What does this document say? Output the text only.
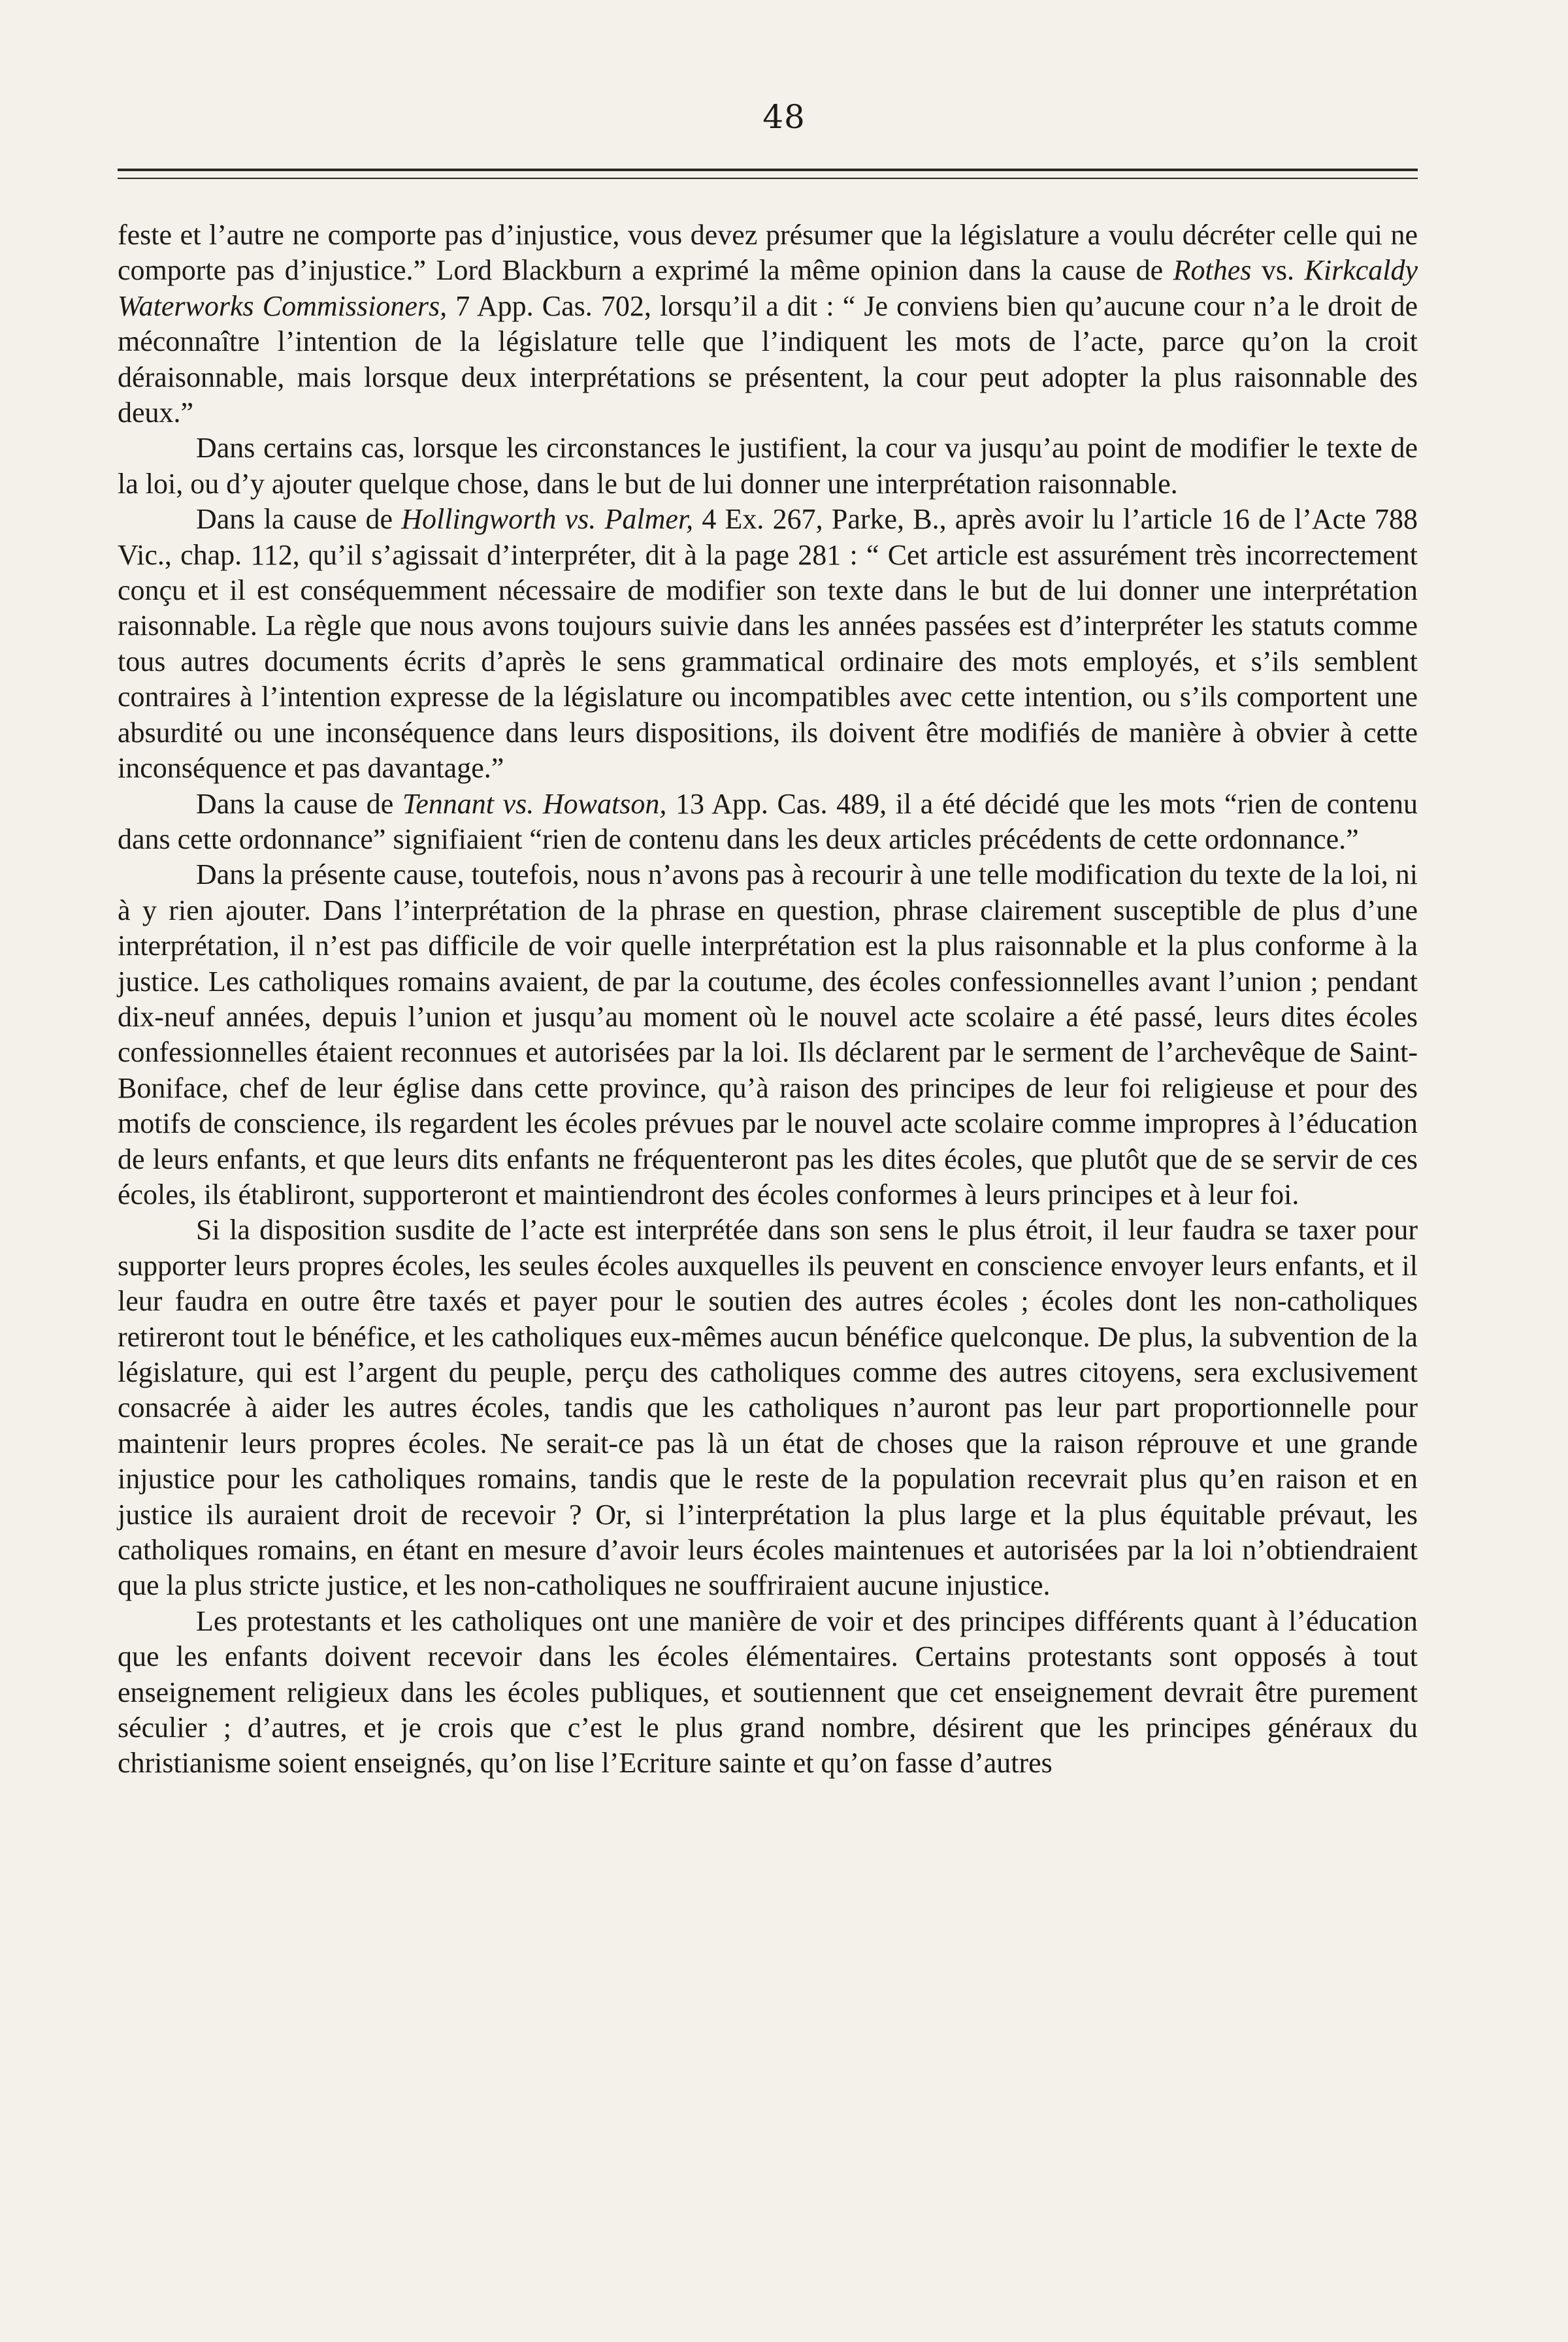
48

feste et l’autre ne comporte pas d’injustice, vous devez présumer que la législature a voulu décréter celle qui ne comporte pas d’injustice.” Lord Blackburn a exprimé la même opinion dans la cause de Rothes vs. Kirkcaldy Waterworks Commissioners, 7 App. Cas. 702, lorsqu’il a dit : “ Je conviens bien qu’aucune cour n’a le droit de méconnaître l’intention de la législature telle que l’indiquent les mots de l’acte, parce qu’on la croit déraisonnable, mais lorsque deux interprétations se présentent, la cour peut adopter la plus raisonnable des deux.”

Dans certains cas, lorsque les circonstances le justifient, la cour va jusqu’au point de modifier le texte de la loi, ou d’y ajouter quelque chose, dans le but de lui donner une interprétation raisonnable.

Dans la cause de Hollingworth vs. Palmer, 4 Ex. 267, Parke, B., après avoir lu l’article 16 de l’Acte 788 Vic., chap. 112, qu’il s’agissait d’interpréter, dit à la page 281 : “ Cet article est assurément très incorrectement conçu et il est conséquemment nécessaire de modifier son texte dans le but de lui donner une interprétation raisonnable. La règle que nous avons toujours suivie dans les années passées est d’interpréter les statuts comme tous autres documents écrits d’après le sens grammatical ordinaire des mots employés, et s’ils semblent contraires à l’intention expresse de la législature ou incompatibles avec cette intention, ou s’ils comportent une absurdité ou une inconséquence dans leurs dispositions, ils doivent être modifiés de manière à obvier à cette inconséquence et pas davantage.”

Dans la cause de Tennant vs. Howatson, 13 App. Cas. 489, il a été décidé que les mots “rien de contenu dans cette ordonnance” signifiaient “rien de contenu dans les deux articles précédents de cette ordonnance.”

Dans la présente cause, toutefois, nous n’avons pas à recourir à une telle modification du texte de la loi, ni à y rien ajouter. Dans l’interprétation de la phrase en question, phrase clairement susceptible de plus d’une interprétation, il n’est pas difficile de voir quelle interprétation est la plus raisonnable et la plus conforme à la justice. Les catholiques romains avaient, de par la coutume, des écoles confessionnelles avant l’union ; pendant dix-neuf années, depuis l’union et jusqu’au moment où le nouvel acte scolaire a été passé, leurs dites écoles confessionnelles étaient reconnues et autorisées par la loi. Ils déclarent par le serment de l’archevêque de Saint-Boniface, chef de leur église dans cette province, qu’à raison des principes de leur foi religieuse et pour des motifs de conscience, ils regardent les écoles prévues par le nouvel acte scolaire comme impropres à l’éducation de leurs enfants, et que leurs dits enfants ne fréquenteront pas les dites écoles, que plutôt que de se servir de ces écoles, ils établiront, supporteront et maintiendront des écoles conformes à leurs principes et à leur foi.

Si la disposition susdite de l’acte est interprétée dans son sens le plus étroit, il leur faudra se taxer pour supporter leurs propres écoles, les seules écoles auxquelles ils peuvent en conscience envoyer leurs enfants, et il leur faudra en outre être taxés et payer pour le soutien des autres écoles ; écoles dont les non-catholiques retireront tout le bénéfice, et les catholiques eux-mêmes aucun bénéfice quelconque. De plus, la subvention de la législature, qui est l’argent du peuple, perçu des catholiques comme des autres citoyens, sera exclusivement consacrée à aider les autres écoles, tandis que les catholiques n’auront pas leur part proportionnelle pour maintenir leurs propres écoles. Ne serait-ce pas là un état de choses que la raison réprouve et une grande injustice pour les catholiques romains, tandis que le reste de la population recevrait plus qu’en raison et en justice ils auraient droit de recevoir ? Or, si l’interprétation la plus large et la plus équitable prévaut, les catholiques romains, en étant en mesure d’avoir leurs écoles maintenues et autorisées par la loi n’obtiendraient que la plus stricte justice, et les non-catholiques ne souffriraient aucune injustice.

Les protestants et les catholiques ont une manière de voir et des principes différents quant à l’éducation que les enfants doivent recevoir dans les écoles élémentaires. Certains protestants sont opposés à tout enseignement religieux dans les écoles publiques, et soutiennent que cet enseignement devrait être purement séculier ; d’autres, et je crois que c’est le plus grand nombre, désirent que les principes généraux du christianisme soient enseignés, qu’on lise l’Ecriture sainte et qu’on fasse d’autres
